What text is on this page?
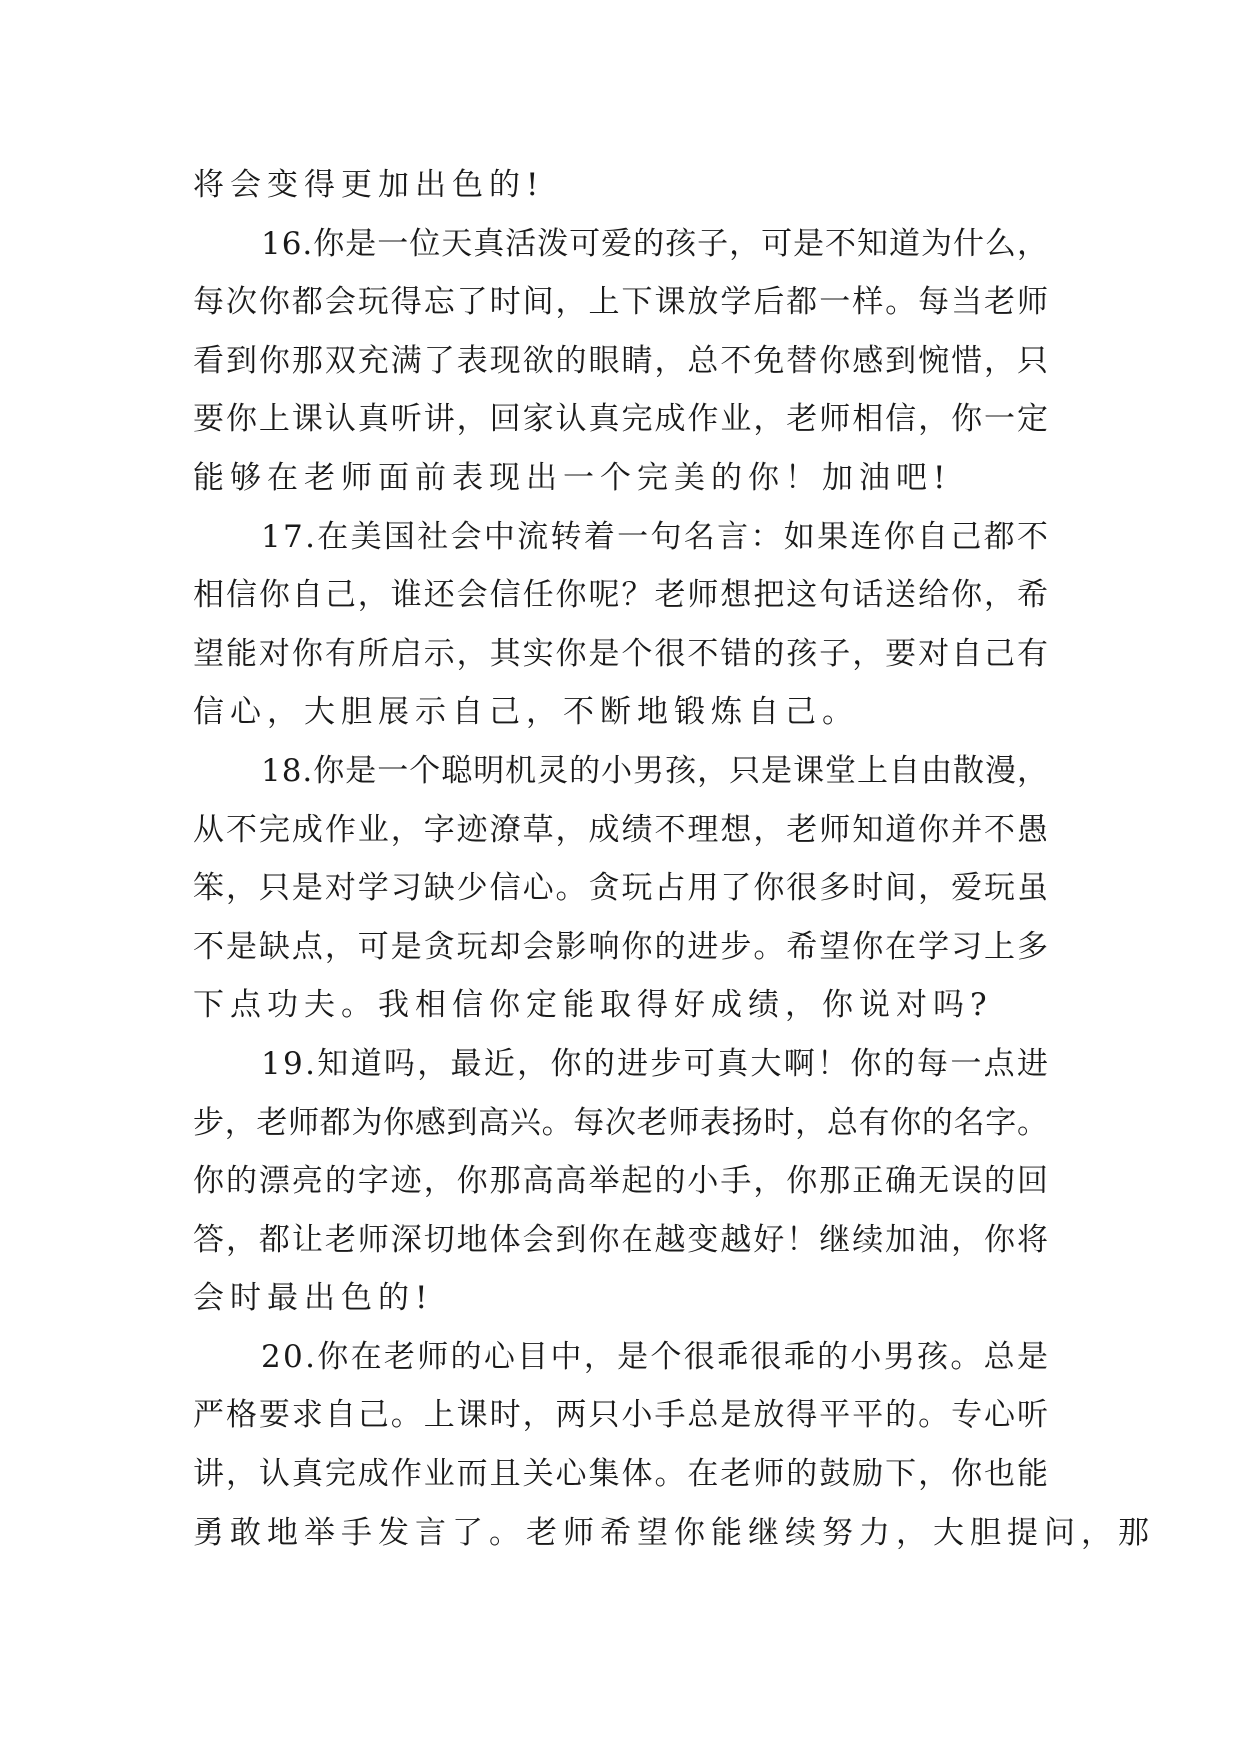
将会变得更加出色的!
16.你是一位天真活泼可爱的孩子，可是不知道为什么，
每次你都会玩得忘了时间，上下课放学后都一样。每当老师
看到你那双充满了表现欲的眼睛，总不免替你感到惋惜，只
要你上课认真听讲，回家认真完成作业，老师相信，你一定
能够在老师面前表现出一个完美的你！加油吧!
17.在美国社会中流转着一句名言：如果连你自己都不
相信你自己，谁还会信任你呢？老师想把这句话送给你，希
望能对你有所启示，其实你是个很不错的孩子，要对自己有
信心，大胆展示自己，不断地锻炼自己。
18.你是一个聪明机灵的小男孩，只是课堂上自由散漫，
从不完成作业，字迹潦草，成绩不理想，老师知道你并不愚
笨，只是对学习缺少信心。贪玩占用了你很多时间，爱玩虽
不是缺点，可是贪玩却会影响你的进步。希望你在学习上多
下点功夫。我相信你定能取得好成绩，你说对吗?
19.知道吗，最近，你的进步可真大啊！你的每一点进
步，老师都为你感到高兴。每次老师表扬时，总有你的名字。
你的漂亮的字迹，你那高高举起的小手，你那正确无误的回
答，都让老师深切地体会到你在越变越好！继续加油，你将
会时最出色的!
20.你在老师的心目中，是个很乖很乖的小男孩。总是
严格要求自己。上课时，两只小手总是放得平平的。专心听
讲，认真完成作业而且关心集体。在老师的鼓励下，你也能
勇敢地举手发言了。老师希望你能继续努力，大胆提问，那
